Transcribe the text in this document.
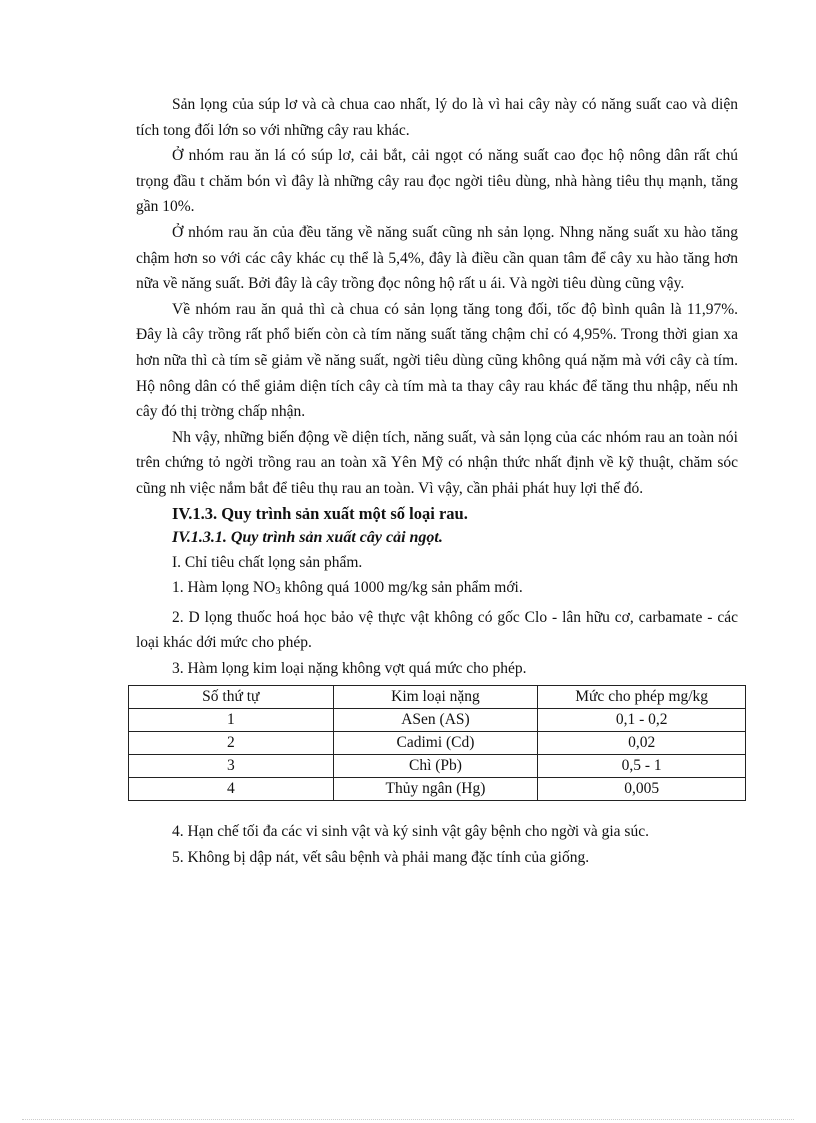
Sản lọng của súp lơ và cà chua cao nhất, lý do là vì hai cây này có năng suất cao và diện tích tong đối lớn so với những cây rau khác.

Ở nhóm rau ăn lá có súp lơ, cải bắt, cải ngọt có năng suất cao đọc hộ nông dân rất chú trọng đầu t chăm bón vì đây là những cây rau đọc ngời tiêu dùng, nhà hàng tiêu thụ mạnh, tăng gần 10%.

Ở nhóm rau ăn của đều tăng về năng suất cũng nh sản lọng. Nhng năng suất xu hào tăng chậm hơn so với các cây khác cụ thể là 5,4%, đây là điều cần quan tâm để cây xu hào tăng hơn nữa về năng suất. Bởi đây là cây trồng đọc nông hộ rất u ái. Và ngời tiêu dùng cũng vậy.

Về nhóm rau ăn quả thì cà chua có sản lọng tăng tong đối, tốc độ bình quân là 11,97%. Đây là cây trồng rất phổ biến còn cà tím năng suất tăng chậm chỉ có 4,95%. Trong thời gian xa hơn nữa thì cà tím sẽ giảm về năng suất, ngời tiêu dùng cũng không quá nặm mà với cây cà tím. Hộ nông dân có thể giảm diện tích cây cà tím mà ta thay cây rau khác để tăng thu nhập, nếu nh cây đó thị trờng chấp nhận.

Nh vậy, những biến động về diện tích, năng suất, và sản lọng của các nhóm rau an toàn nói trên chứng tỏ ngời trồng rau an toàn xã Yên Mỹ có nhận thức nhất định về kỹ thuật, chăm sóc cũng nh việc nắm bắt để tiêu thụ rau an toàn. Vì vậy, cần phải phát huy lợi thế đó.

IV.1.3. Quy trình sản xuất một số loại rau.

IV.1.3.1. Quy trình sản xuất cây cải ngọt.

I. Chỉ tiêu chất lọng sản phẩm.

1. Hàm lọng $NO_3$ không quá 1000 mg/kg sản phẩm mới.

2. D lọng thuốc hoá học bảo vệ thực vật không có gốc Clo - lân hữu cơ, carbamate - các loại khác dới mức cho phép.

3. Hàm lọng kim loại nặng không vợt quá mức cho phép.

Số thứ tự	Kim loại nặng	Mức cho phép mg/kg
1	ASen (AS)	0,1 - 0,2
2	Cadimi (Cd)	0,02
3	Chì (Pb)	0,5 - 1
4	Thủy ngân (Hg)	0,005

4. Hạn chế tối đa các vi sinh vật và ký sinh vật gây bệnh cho ngời và gia súc.

5. Không bị dập nát, vết sâu bệnh và phải mang đặc tính của giống.
